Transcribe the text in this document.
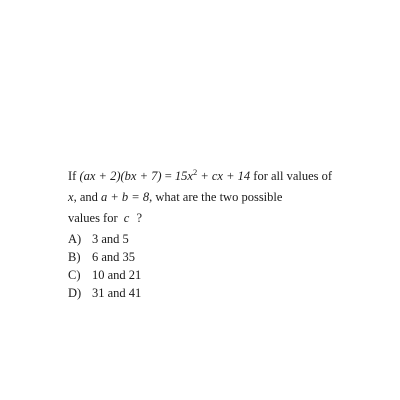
If $(ax + 2)(bx + 7) = 15x^2$ + cx + 14 for all values of
x, and a + b = 8, what are the two possible
values for c ?
A) 3 and 5
B) 6 and 35
C) 10 and 21
D) 31 and 41
